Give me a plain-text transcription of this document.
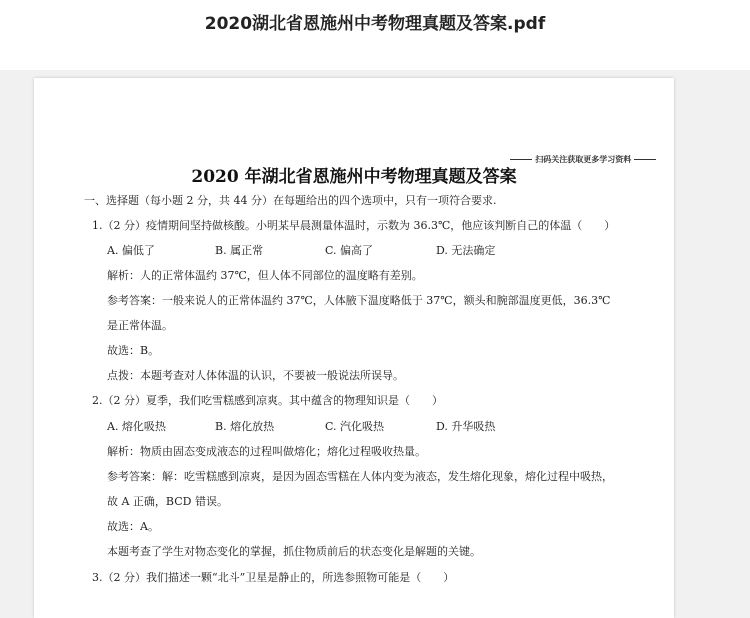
2020湖北省恩施州中考物理真题及答案.pdf
扫码关注获取更多学习资料
2020 年湖北省恩施州中考物理真题及答案
一、选择题（每小题 2 分，共 44 分）在每题给出的四个选项中，只有一项符合要求.
1.（2 分）疫情期间坚持做核酸。小明某早晨测量体温时，示数为 36.3℃，他应该判断自己的体温（　　）
A. 偏低了	B. 属正常	C. 偏高了	D. 无法确定
解析：人的正常体温约 37℃，但人体不同部位的温度略有差别。
参考答案：一般来说人的正常体温约 37℃，人体腋下温度略低于 37℃，额头和腕部温度更低，36.3℃
是正常体温。
故选：B。
点拨：本题考查对人体体温的认识，不要被一般说法所误导。
2.（2 分）夏季，我们吃雪糕感到凉爽。其中蕴含的物理知识是（　　）
A. 熔化吸热	B. 熔化放热	C. 汽化吸热	D. 升华吸热
解析：物质由固态变成液态的过程叫做熔化；熔化过程吸收热量。
参考答案：解：吃雪糕感到凉爽，是因为固态雪糕在人体内变为液态，发生熔化现象，熔化过程中吸热，
故 A 正确，BCD 错误。
故选：A。
本题考查了学生对物态变化的掌握，抓住物质前后的状态变化是解题的关键。
3.（2 分）我们描述一颗“北斗”卫星是静止的，所选参照物可能是（　　）
